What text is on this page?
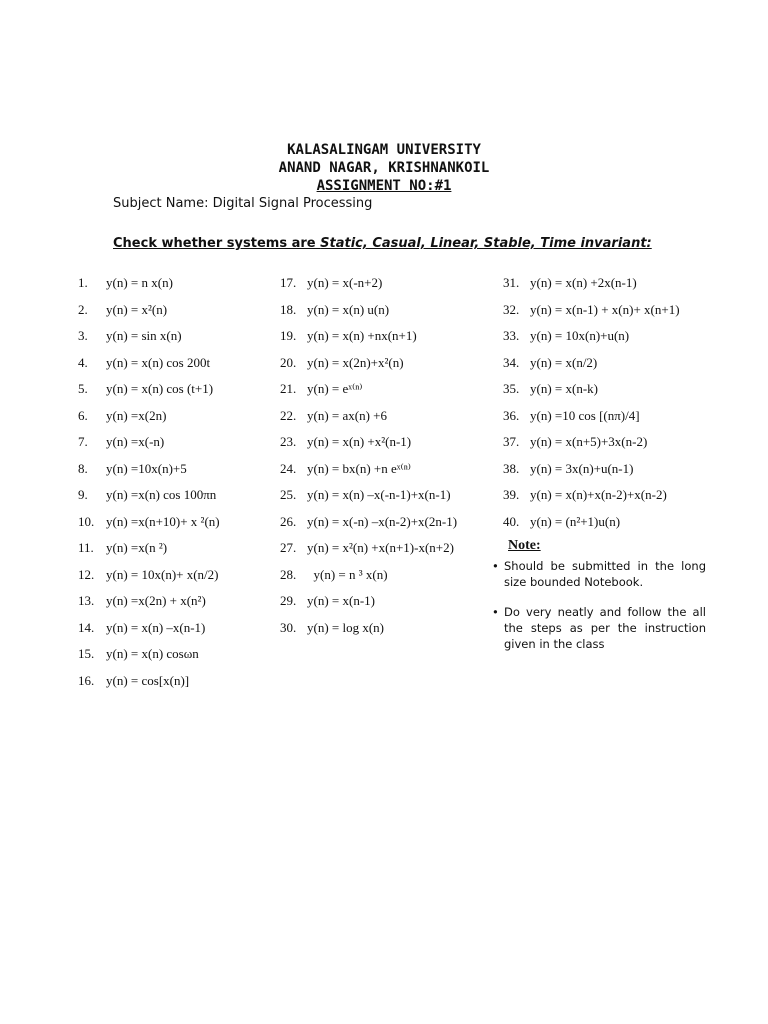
KALASALINGAM UNIVERSITY
ANAND NAGAR, KRISHNANKOIL
ASSIGNMENT NO:#1
Subject Name: Digital Signal Processing
Check whether systems are Static, Casual, Linear, Stable, Time invariant:
1.	y(n) = n x(n)
2.	y(n) = x²(n)
3.	y(n) = sin x(n)
4.	y(n) = x(n) cos 200t
5.	y(n) = x(n) cos (t+1)
6.	y(n) =x(2n)
7.	y(n) =x(-n)
8.	y(n) =10x(n)+5
9.	y(n) =x(n) cos 100πn
10. y(n) =x(n+10)+ x ²(n)
11. y(n) =x(n ²)
12. y(n) = 10x(n)+ x(n/2)
13. y(n) =x(2n) + x(n²)
14. y(n) = x(n) –x(n-1)
15. y(n) = x(n) cosωn
16. y(n) = cos[x(n)]
17. y(n) = x(-n+2)
18. y(n) = x(n) u(n)
19. y(n) = x(n) +nx(n+1)
20. y(n) = x(2n)+x²(n)
21. y(n) = eˣ⁽ⁿ⁾
22. y(n) = ax(n) +6
23. y(n) = x(n) +x²(n-1)
24. y(n) = bx(n) +n eˣ⁽ⁿ⁾
25. y(n) = x(n) –x(-n-1)+x(n-1)
26. y(n) = x(-n) –x(n-2)+x(2n-1)
27. y(n) = x²(n) +x(n+1)-x(n+2)
28. y(n) = n ³ x(n)
29. y(n) = x(n-1)
30. y(n) = log x(n)
31. y(n) = x(n) +2x(n-1)
32. y(n) = x(n-1) + x(n)+ x(n+1)
33. y(n) = 10x(n)+u(n)
34. y(n) = x(n/2)
35. y(n) = x(n-k)
36. y(n) =10 cos [(nπ)/4]
37. y(n) = x(n+5)+3x(n-2)
38. y(n) = 3x(n)+u(n-1)
39. y(n) = x(n)+x(n-2)+x(n-2)
40. y(n) = (n²+1)u(n)
Note:
• Should be submitted in the long size bounded Notebook.
• Do very neatly and follow the all the steps as per the instruction given in the class
